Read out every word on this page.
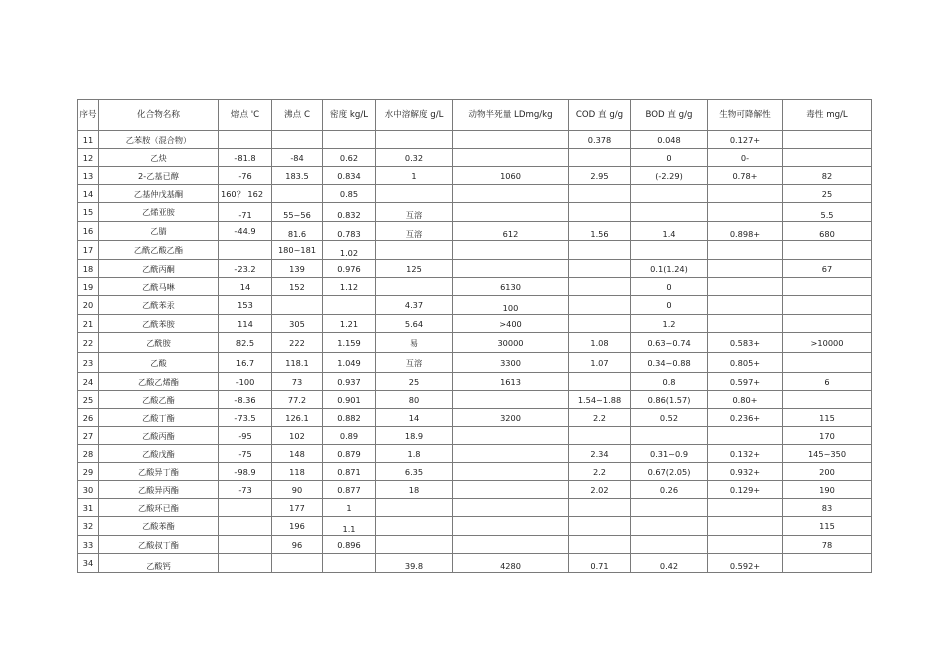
序号	化合物名称	熔点 'C	沸点 C	密度 kg/L	水中溶解度 g/L	动物半死量 LDmg/kg	COD 直 g/g	BOD 直 g/g	生物可降解性	毒性 mg/L
11	乙苯胺（混合物）						0.378	0.048	0.127+	
12	乙炔	-81.8	-84	0.62	0.32			0	0-	
13	2-乙基已醇	-76	183.5	0.834	1	1060	2.95	(-2.29)	0.78+	82
14	乙基仲戊基酮	160？ 162		0.85						25
15	乙烯亚胺	-71	55~56	0.832	互溶					5.5
16	乙腈	-44.9	81.6	0.783	互溶	612	1.56	1.4	0.898+	680
17	乙酰乙酸乙酯		180~181	1.02						
18	乙酰丙酮	-23.2	139	0.976	125			0.1(1.24)		67
19	乙酰马啉	14	152	1.12		6130		0		
20	乙酰苯汞	153			4.37	100		0		
21	乙酰苯胺	114	305	1.21	5.64	>400		1.2		
22	乙酰胺	82.5	222	1.159	易	30000	1.08	0.63~0.74	0.583+	>10000
23	乙酸	16.7	118.1	1.049	互溶	3300	1.07	0.34~0.88	0.805+	
24	乙酸乙烯酯	-100	73	0.937	25	1613		0.8	0.597+	6
25	乙酸乙酯	-8.36	77.2	0.901	80		1.54~1.88	0.86(1.57)	0.80+	
26	乙酸丁酯	-73.5	126.1	0.882	14	3200	2.2	0.52	0.236+	115
27	乙酸丙酯	-95	102	0.89	18.9					170
28	乙酸戊酯	-75	148	0.879	1.8		2.34	0.31~0.9	0.132+	145~350
29	乙酸异丁酯	-98.9	118	0.871	6.35		2.2	0.67(2.05)	0.932+	200
30	乙酸异丙酯	-73	90	0.877	18		2.02	0.26	0.129+	190
31	乙酸环已酯		177	1						83
32	乙酸苯酯		196	1.1						115
33	乙酸叔丁酯		96	0.896						78
34	乙酸钙				39.8	4280	0.71	0.42	0.592+	
